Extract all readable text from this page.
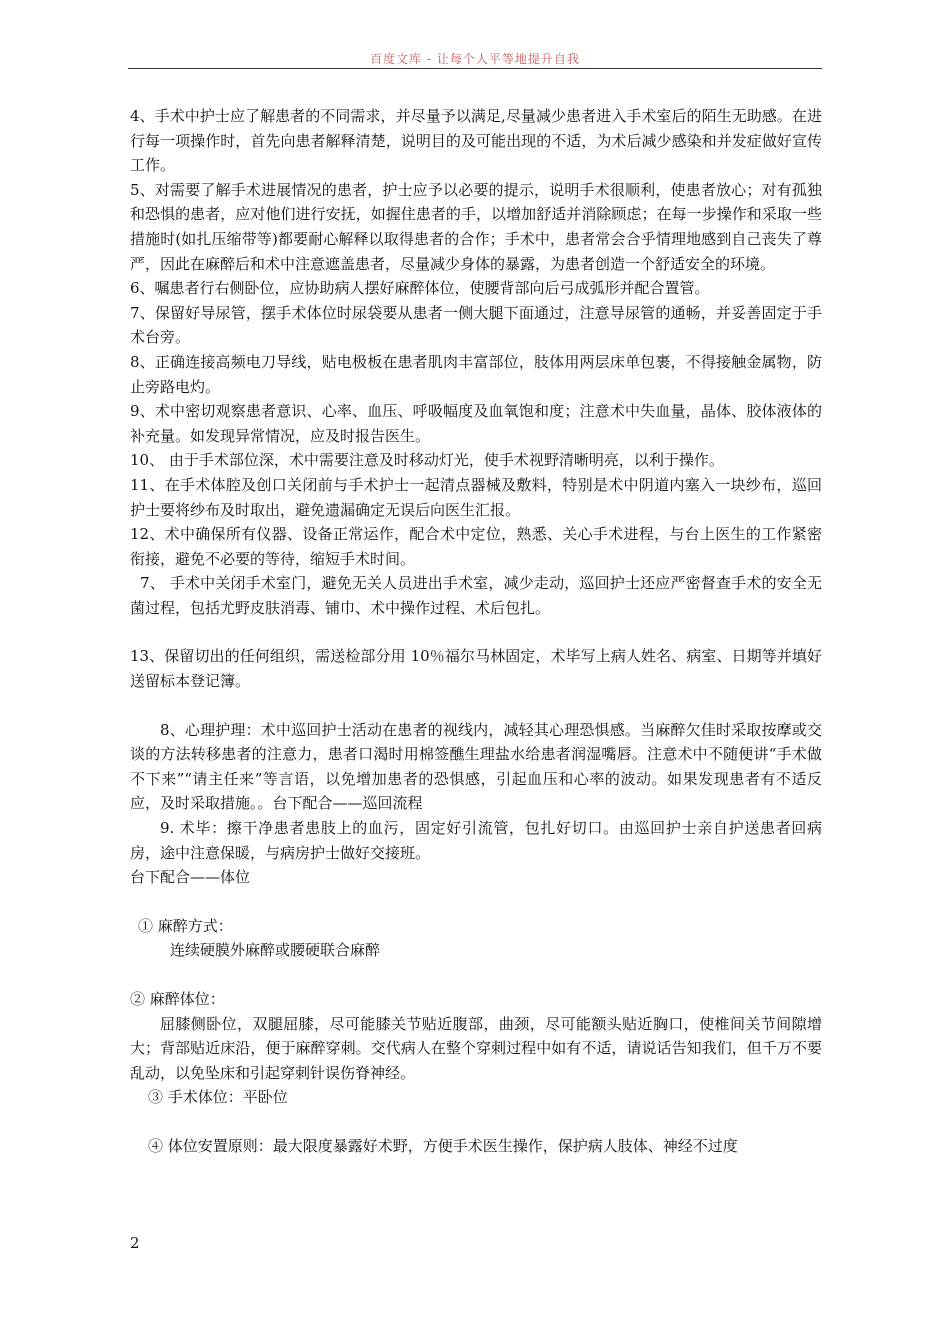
百度文库 - 让每个人平等地提升自我

4、手术中护士应了解患者的不同需求，并尽量予以满足,尽量减少患者进入手术室后的陌生无助感。在进行每一项操作时，首先向患者解释清楚，说明目的及可能出现的不适，为术后减少感染和并发症做好宣传工作。

5、对需要了解手术进展情况的患者，护士应予以必要的提示，说明手术很顺利，使患者放心；对有孤独和恐惧的患者，应对他们进行安抚，如握住患者的手，以增加舒适并消除顾虑；在每一步操作和采取一些措施时(如扎压缩带等)都要耐心解释以取得患者的合作；手术中，患者常会合乎情理地感到自己丧失了尊严，因此在麻醉后和术中注意遮盖患者，尽量减少身体的暴露，为患者创造一个舒适安全的环境。

6、嘱患者行右侧卧位，应协助病人摆好麻醉体位，使腰背部向后弓成弧形并配合置管。

7、保留好导尿管，摆手术体位时尿袋要从患者一侧大腿下面通过，注意导尿管的通畅，并妥善固定于手术台旁。

8、正确连接高频电刀导线，贴电极板在患者肌肉丰富部位，肢体用两层床单包裹，不得接触金属物，防止旁路电灼。

9、术中密切观察患者意识、心率、血压、呼吸幅度及血氧饱和度；注意术中失血量，晶体、胶体液体的补充量。如发现异常情况，应及时报告医生。

10、 由于手术部位深，术中需要注意及时移动灯光，使手术视野清晰明亮，以利于操作。

11、在手术体腔及创口关闭前与手术护士一起清点器械及敷料，特别是术中阴道内塞入一块纱布，巡回护士要将纱布及时取出，避免遗漏确定无误后向医生汇报。

12、术中确保所有仪器、设备正常运作，配合术中定位，熟悉、关心手术进程，与台上医生的工作紧密衔接，避免不必要的等待，缩短手术时间。

7、 手术中关闭手术室门，避免无关人员进出手术室，减少走动，巡回护士还应严密督查手术的安全无菌过程，包括尤野皮肤消毒、铺巾、术中操作过程、术后包扎。

13、保留切出的任何组织，需送检部分用 10％福尔马林固定，术毕写上病人姓名、病室、日期等并填好送留标本登记簿。

8、心理护理：术中巡回护士活动在患者的视线内，减轻其心理恐惧感。当麻醉欠佳时采取按摩或交谈的方法转移患者的注意力，患者口渴时用棉签醮生理盐水给患者润湿嘴唇。注意术中不随便讲“手术做不下来”“请主任来”等言语，以免增加患者的恐惧感，引起血压和心率的波动。如果发现患者有不适反应，及时采取措施。。台下配合——巡回流程

9. 术毕：擦干净患者患肢上的血污，固定好引流管，包扎好切口。由巡回护士亲自护送患者回病房，途中注意保暖，与病房护士做好交接班。

台下配合——体位

① 麻醉方式：

连续硬膜外麻醉或腰硬联合麻醉

② 麻醉体位：

屈膝侧卧位，双腿屈膝，尽可能膝关节贴近腹部，曲颈，尽可能额头贴近胸口，使椎间关节间隙增大；背部贴近床沿，便于麻醉穿刺。交代病人在整个穿刺过程中如有不适，请说话告知我们，但千万不要乱动，以免坠床和引起穿刺针误伤脊神经。

③ 手术体位：平卧位

④ 体位安置原则：最大限度暴露好术野，方便手术医生操作，保护病人肢体、神经不过度

2
